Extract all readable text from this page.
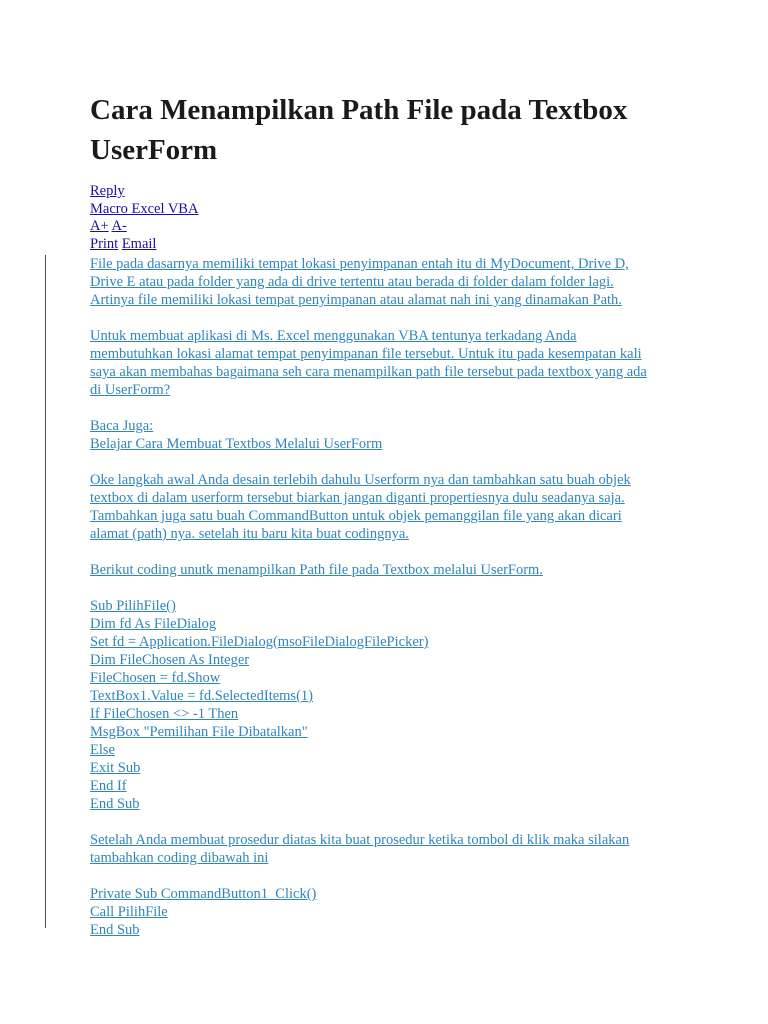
Cara Menampilkan Path File pada Textbox
UserForm
Reply
Macro Excel VBA
A+ A-
Print Email
File pada dasarnya memiliki tempat lokasi penyimpanan entah itu di MyDocument, Drive D,
Drive E atau pada folder yang ada di drive tertentu atau berada di folder dalam folder lagi.
Artinya file memiliki lokasi tempat penyimpanan atau alamat nah ini yang dinamakan Path.
Untuk membuat aplikasi di Ms. Excel menggunakan VBA tentunya terkadang Anda
membutuhkan lokasi alamat tempat penyimpanan file tersebut. Untuk itu pada kesempatan kali
saya akan membahas bagaimana seh cara menampilkan path file tersebut pada textbox yang ada
di UserForm?
Baca Juga:
Belajar Cara Membuat Textbos Melalui UserForm
Oke langkah awal Anda desain terlebih dahulu Userform nya dan tambahkan satu buah objek
textbox di dalam userform tersebut biarkan jangan diganti propertiesnya dulu seadanya saja.
Tambahkan juga satu buah CommandButton untuk objek pemanggilan file yang akan dicari
alamat (path) nya. setelah itu baru kita buat codingnya.
Berikut coding unutk menampilkan Path file pada Textbox melalui UserForm.
Sub PilihFile()
Dim fd As FileDialog
Set fd = Application.FileDialog(msoFileDialogFilePicker)
Dim FileChosen As Integer
FileChosen = fd.Show
TextBox1.Value = fd.SelectedItems(1)
If FileChosen <> -1 Then
MsgBox "Pemilihan File Dibatalkan"
Else
Exit Sub
End If
End Sub
Setelah Anda membuat prosedur diatas kita buat prosedur ketika tombol di klik maka silakan
tambahkan coding dibawah ini
Private Sub CommandButton1_Click()
Call PilihFile
End Sub
